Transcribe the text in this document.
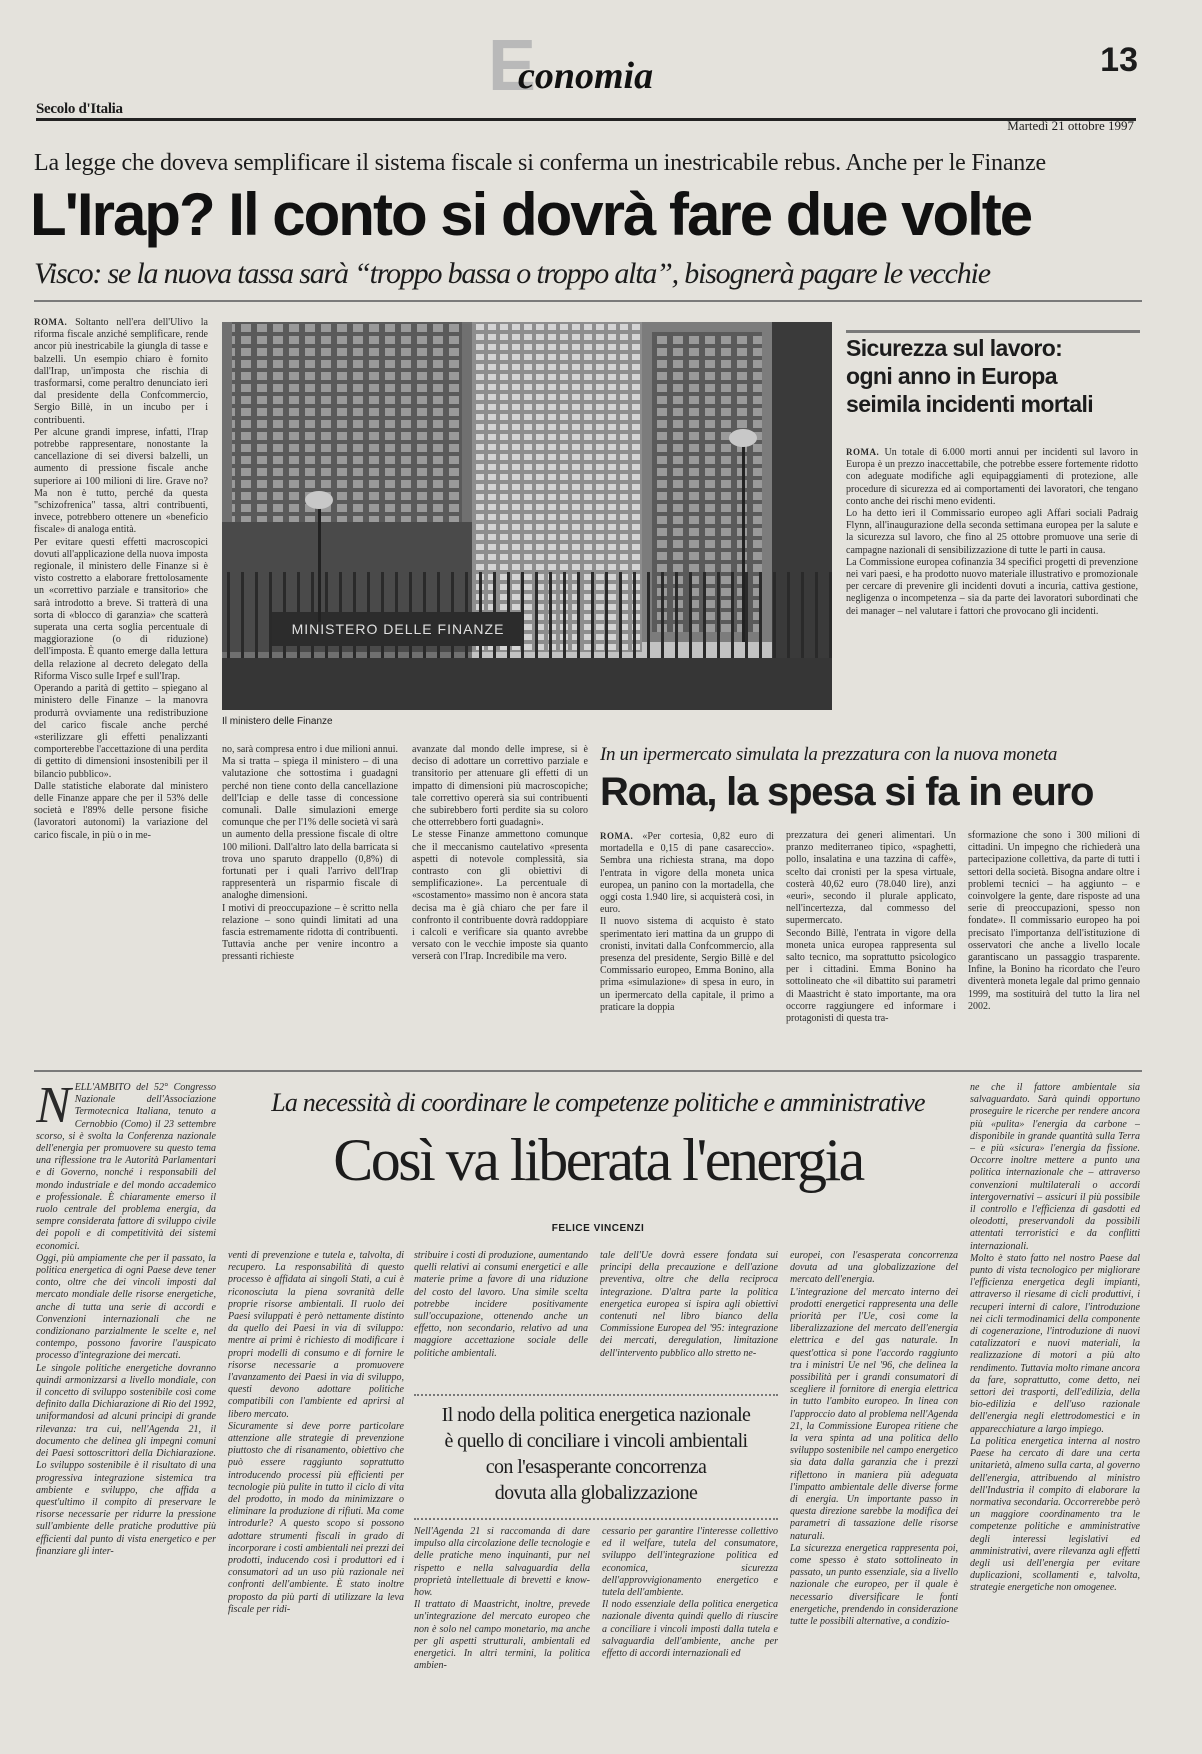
E
conomia	13
Secolo d'Italia
Martedì 21 ottobre 1997
La legge che doveva semplificare il sistema fiscale si conferma un inestricabile rebus. Anche per le Finanze
L'Irap? Il conto si dovrà fare due volte
Visco: se la nuova tassa sarà “troppo bassa o troppo alta”, bisognerà pagare le vecchie
ROMA. Soltanto nell'era dell'Ulivo la riforma fiscale anziché semplificare, rende ancor più inestricabile la giungla di tasse e balzelli. Un esempio chiaro è fornito dall'Irap, un'imposta che rischia di trasformarsi, come peraltro denunciato ieri dal presidente della Confcommercio, Sergio Billè, in un incubo per i contribuenti.
Per alcune grandi imprese, infatti, l'Irap potrebbe rappresentare, nonostante la cancellazione di sei diversi balzelli, un aumento di pressione fiscale anche superiore ai 100 milioni di lire. Grave no? Ma non è tutto, perché da questa "schizofrenica" tassa, altri contribuenti, invece, potrebbero ottenere un «beneficio fiscale» di analoga entità.
Per evitare questi effetti macroscopici dovuti all'applicazione della nuova imposta regionale, il ministero delle Finanze si è visto costretto a elaborare frettolosamente un «correttivo parziale e transitorio» che sarà introdotto a breve. Si tratterà di una sorta di «blocco di garanzia» che scatterà superata una certa soglia percentuale di maggiorazione (o di riduzione) dell'imposta. È quanto emerge dalla lettura della relazione al decreto delegato della Riforma Visco sulle Irpef e sull'Irap.
Operando a parità di gettito – spiegano al ministero delle Finanze – la manovra produrrà ovviamente una redistribuzione del carico fiscale anche perché «sterilizzare gli effetti penalizzanti comporterebbe l'accettazione di una perdita di gettito di dimensioni insostenibili per il bilancio pubblico».
Dalle statistiche elaborate dal ministero delle Finanze appare che per il 53% delle società e l'89% delle persone fisiche (lavoratori autonomi) la variazione del carico fiscale, in più o in me-
MINISTERO DELLE FINANZE
Il ministero delle Finanze
Sicurezza sul lavoro:
ogni anno in Europa
seimila incidenti mortali
ROMA. Un totale di 6.000 morti annui per incidenti sul lavoro in Europa è un prezzo inaccettabile, che potrebbe essere fortemente ridotto con adeguate modifiche agli equipaggiamenti di protezione, alle procedure di sicurezza ed ai comportamenti dei lavoratori, che tengano conto anche dei rischi meno evidenti.
Lo ha detto ieri il Commissario europeo agli Affari sociali Padraig Flynn, all'inaugurazione della seconda settimana europea per la salute e la sicurezza sul lavoro, che fino al 25 ottobre promuove una serie di campagne nazionali di sensibilizzazione di tutte le parti in causa.
La Commissione europea cofinanzia 34 specifici progetti di prevenzione nei vari paesi, e ha prodotto nuovo materiale illustrativo e promozionale per cercare di prevenire gli incidenti dovuti a incuria, cattiva gestione, negligenza o incompetenza – sia da parte dei lavoratori subordinati che dei manager – nel valutare i fattori che provocano gli incidenti.
no, sarà compresa entro i due milioni annui. Ma si tratta – spiega il ministero – di una valutazione che sottostima i guadagni perché non tiene conto della cancellazione dell'Iciap e delle tasse di concessione comunali. Dalle simulazioni emerge comunque che per l'1% delle società vi sarà un aumento della pressione fiscale di oltre 100 milioni. Dall'altro lato della barricata si trova uno sparuto drappello (0,8%) di fortunati per i quali l'arrivo dell'Irap rappresenterà un risparmio fiscale di analoghe dimensioni.
I motivi di preoccupazione – è scritto nella relazione – sono quindi limitati ad una fascia estremamente ridotta di contribuenti. Tuttavia anche per venire incontro a pressanti richieste
avanzate dal mondo delle imprese, si è deciso di adottare un correttivo parziale e transitorio per attenuare gli effetti di un impatto di dimensioni più macroscopiche; tale correttivo opererà sia sui contribuenti che subirebbero forti perdite sia su coloro che otterrebbero forti guadagni».
Le stesse Finanze ammettono comunque che il meccanismo cautelativo «presenta aspetti di notevole complessità, sia contrasto con gli obiettivi di semplificazione». La percentuale di «scostamento» massimo non è ancora stata decisa ma è già chiaro che per fare il confronto il contribuente dovrà raddoppiare i calcoli e verificare sia quanto avrebbe versato con le vecchie imposte sia quanto verserà con l'Irap. Incredibile ma vero.
In un ipermercato simulata la prezzatura con la nuova moneta
Roma, la spesa si fa in euro
ROMA. «Per cortesia, 0,82 euro di mortadella e 0,15 di pane casareccio». Sembra una richiesta strana, ma dopo l'entrata in vigore della moneta unica europea, un panino con la mortadella, che oggi costa 1.940 lire, si acquisterà così, in euro.
Il nuovo sistema di acquisto è stato sperimentato ieri mattina da un gruppo di cronisti, invitati dalla Confcommercio, alla presenza del presidente, Sergio Billè e del Commissario europeo, Emma Bonino, alla prima «simulazione» di spesa in euro, in un ipermercato della capitale, il primo a praticare la doppia
prezzatura dei generi alimentari. Un pranzo mediterraneo tipico, «spaghetti, pollo, insalatina e una tazzina di caffè», scelto dai cronisti per la spesa virtuale, costerà 40,62 euro (78.040 lire), anzi «euri», secondo il plurale applicato, nell'incertezza, dal commesso del supermercato.
Secondo Billè, l'entrata in vigore della moneta unica europea rappresenta sul salto tecnico, ma soprattutto psicologico per i cittadini. Emma Bonino ha sottolineato che «il dibattito sui parametri di Maastricht è stato importante, ma ora occorre raggiungere ed informare i protagonisti di questa tra-
sformazione che sono i 300 milioni di cittadini. Un impegno che richiederà una partecipazione collettiva, da parte di tutti i settori della società. Bisogna andare oltre i problemi tecnici – ha aggiunto – e coinvolgere la gente, dare risposte ad una serie di preoccupazioni, spesso non fondate». Il commissario europeo ha poi precisato l'importanza dell'istituzione di osservatori che anche a livello locale garantiscano un passaggio trasparente. Infine, la Bonino ha ricordato che l'euro diventerà moneta legale dal primo gennaio 1999, ma sostituirà del tutto la lira nel 2002.
N ELL'AMBITO del 52° Congresso Nazionale dell'Associazione Termotecnica Italiana, tenuto a Cernobbio (Como) il 23 settembre scorso, si è svolta la Conferenza nazionale dell'energia per promuovere su questo tema una riflessione tra le Autorità Parlamentari e di Governo, nonché i responsabili del mondo industriale e del mondo accademico e professionale. È chiaramente emerso il ruolo centrale del problema energia, da sempre considerata fattore di sviluppo civile dei popoli e di competitività dei sistemi economici.
Oggi, più ampiamente che per il passato, la politica energetica di ogni Paese deve tener conto, oltre che dei vincoli imposti dal mercato mondiale delle risorse energetiche, anche di tutta una serie di accordi e Convenzioni internazionali che ne condizionano parzialmente le scelte e, nel contempo, possono favorire l'auspicato processo d'integrazione dei mercati.
Le singole politiche energetiche dovranno quindi armonizzarsi a livello mondiale, con il concetto di sviluppo sostenibile così come definito dalla Dichiarazione di Rio del 1992, uniformandosi ad alcuni principi di grande rilevanza: tra cui, nell'Agenda 21, il documento che delinea gli impegni comuni dei Paesi sottoscrittori della Dichiarazione. Lo sviluppo sostenibile è il risultato di una progressiva integrazione sistemica tra ambiente e sviluppo, che affida a quest'ultimo il compito di preservare le risorse necessarie per ridurre la pressione sull'ambiente delle pratiche produttive più efficienti dal punto di vista energetico e per finanziare gli inter-
La necessità di coordinare le competenze politiche e amministrative
Così va liberata l'energia
FELICE VINCENZI
venti di prevenzione e tutela e, talvolta, di recupero. La responsabilità di questo processo è affidata ai singoli Stati, a cui è riconosciuta la piena sovranità delle proprie risorse ambientali. Il ruolo dei Paesi sviluppati è però nettamente distinto da quello dei Paesi in via di sviluppo: mentre ai primi è richiesto di modificare i propri modelli di consumo e di fornire le risorse necessarie a promuovere l'avanzamento dei Paesi in via di sviluppo, questi devono adottare politiche compatibili con l'ambiente ed aprirsi al libero mercato.
Sicuramente si deve porre particolare attenzione alle strategie di prevenzione piuttosto che di risanamento, obiettivo che può essere raggiunto soprattutto introducendo processi più efficienti per tecnologie più pulite in tutto il ciclo di vita del prodotto, in modo da minimizzare o eliminare la produzione di rifiuti. Ma come introdurle? A questo scopo si possono adottare strumenti fiscali in grado di incorporare i costi ambientali nei prezzi dei prodotti, inducendo così i produttori ed i consumatori ad un uso più razionale nei confronti dell'ambiente. È stato inoltre proposto da più parti di utilizzare la leva fiscale per ridi-
stribuire i costi di produzione, aumentando quelli relativi ai consumi energetici e alle materie prime a favore di una riduzione del costo del lavoro. Una simile scelta potrebbe incidere positivamente sull'occupazione, ottenendo anche un effetto, non secondario, relativo ad una maggiore accettazione sociale delle politiche ambientali.
tale dell'Ue dovrà essere fondata sui principi della precauzione e dell'azione preventiva, oltre che della reciproca integrazione. D'altra parte la politica energetica europea si ispira agli obiettivi contenuti nel libro bianco della Commissione Europea del '95: integrazione dei mercati, deregulation, limitazione dell'intervento pubblico allo stretto ne-
Il nodo della politica energetica nazionale
è quello di conciliare i vincoli ambientali
con l'esasperante concorrenza
dovuta alla globalizzazione
Nell'Agenda 21 si raccomanda di dare impulso alla circolazione delle tecnologie e delle pratiche meno inquinanti, pur nel rispetto e nella salvaguardia della proprietà intellettuale di brevetti e know-how.
Il trattato di Maastricht, inoltre, prevede un'integrazione del mercato europeo che non è solo nel campo monetario, ma anche per gli aspetti strutturali, ambientali ed energetici. In altri termini, la politica ambien-
cessario per garantire l'interesse collettivo ed il welfare, tutela del consumatore, sviluppo dell'integrazione politica ed economica, sicurezza dell'approvvigionamento energetico e tutela dell'ambiente.
Il nodo essenziale della politica energetica nazionale diventa quindi quello di riuscire a conciliare i vincoli imposti dalla tutela e salvaguardia dell'ambiente, anche per effetto di accordi internazionali ed
europei, con l'esasperata concorrenza dovuta ad una globalizzazione del mercato dell'energia.
L'integrazione del mercato interno dei prodotti energetici rappresenta una delle priorità per l'Ue, così come la liberalizzazione del mercato dell'energia elettrica e del gas naturale. In quest'ottica si pone l'accordo raggiunto tra i ministri Ue nel '96, che delinea la possibilità per i grandi consumatori di scegliere il fornitore di energia elettrica in tutto l'ambito europeo. In linea con l'approccio dato al problema nell'Agenda 21, la Commissione Europea ritiene che la vera spinta ad una politica dello sviluppo sostenibile nel campo energetico sia data dalla garanzia che i prezzi riflettono in maniera più adeguata l'impatto ambientale delle diverse forme di energia. Un importante passo in questa direzione sarebbe la modifica dei parametri di tassazione delle risorse naturali.
La sicurezza energetica rappresenta poi, come spesso è stato sottolineato in passato, un punto essenziale, sia a livello nazionale che europeo, per il quale è necessario diversificare le fonti energetiche, prendendo in considerazione tutte le possibili alternative, a condizio-
ne che il fattore ambientale sia salvaguardato. Sarà quindi opportuno proseguire le ricerche per rendere ancora più «pulita» l'energia da carbone – disponibile in grande quantità sulla Terra – e più «sicura» l'energia da fissione. Occorre inoltre mettere a punto una politica internazionale che – attraverso convenzioni multilaterali o accordi intergovernativi – assicuri il più possibile il controllo e l'efficienza di gasdotti ed oleodotti, preservandoli da possibili attentati terroristici e da conflitti internazionali.
Molto è stato fatto nel nostro Paese dal punto di vista tecnologico per migliorare l'efficienza energetica degli impianti, attraverso il riesame di cicli produttivi, i recuperi interni di calore, l'introduzione nei cicli termodinamici della componente di cogenerazione, l'introduzione di nuovi catalizzatori e nuovi materiali, la realizzazione di motori a più alto rendimento. Tuttavia molto rimane ancora da fare, soprattutto, come detto, nei settori dei trasporti, dell'edilizia, della bio-edilizia e dell'uso razionale dell'energia negli elettrodomestici e in apparecchiature a largo impiego.
La politica energetica interna al nostro Paese ha cercato di dare una certa unitarietà, almeno sulla carta, al governo dell'energia, attribuendo al ministro dell'Industria il compito di elaborare la normativa secondaria. Occorrerebbe però un maggiore coordinamento tra le competenze politiche e amministrative degli interessi legislativi ed amministrativi, avere rilevanza agli effetti degli usi dell'energia per evitare duplicazioni, scollamenti e, talvolta, strategie energetiche non omogenee.
